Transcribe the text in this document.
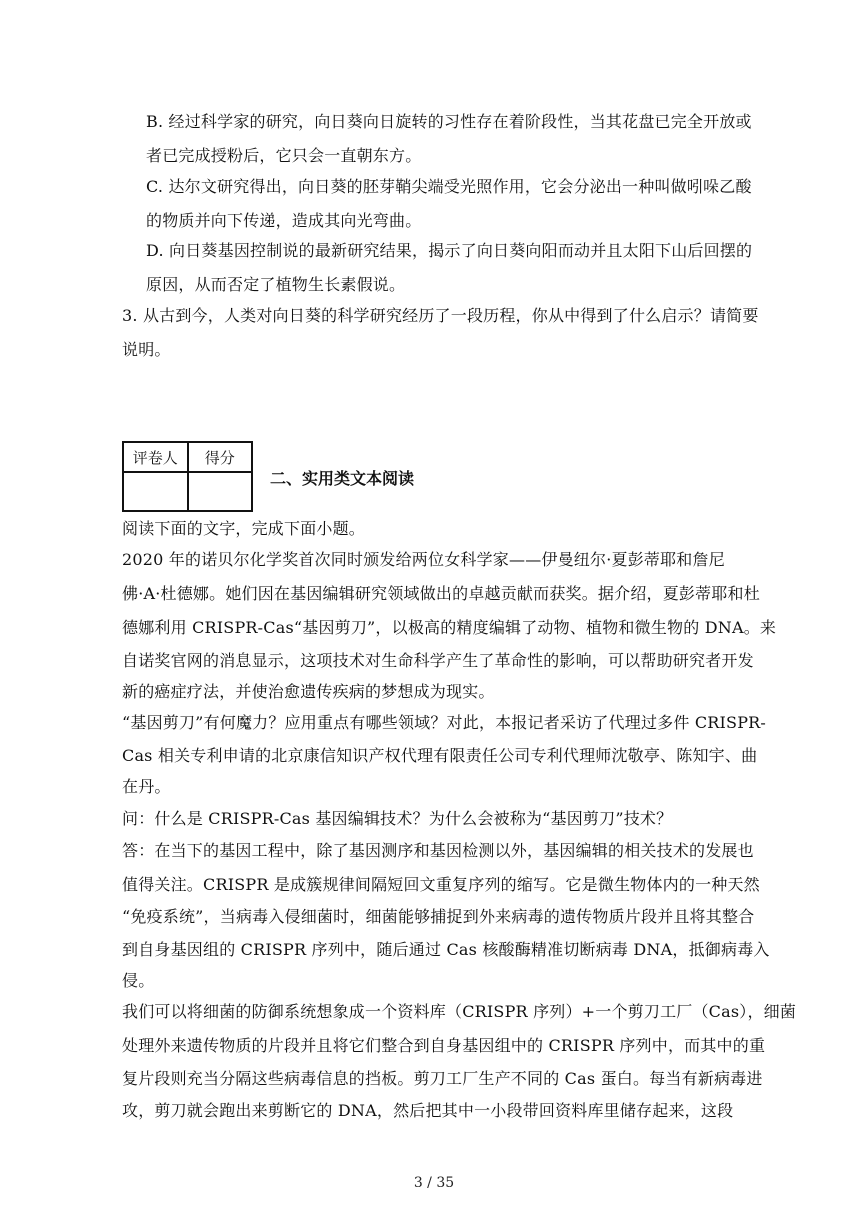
B. 经过科学家的研究，向日葵向日旋转的习性存在着阶段性，当其花盘已完全开放或
者已完成授粉后，它只会一直朝东方。
C. 达尔文研究得出，向日葵的胚芽鞘尖端受光照作用，它会分泌出一种叫做吲哚乙酸
的物质并向下传递，造成其向光弯曲。
D. 向日葵基因控制说的最新研究结果，揭示了向日葵向阳而动并且太阳下山后回摆的
原因，从而否定了植物生长素假说。
3. 从古到今，人类对向日葵的科学研究经历了一段历程，你从中得到了什么启示？请简要
说明。
评卷人	得分

二、实用类文本阅读
阅读下面的文字，完成下面小题。
2020 年的诺贝尔化学奖首次同时颁发给两位女科学家——伊曼纽尔·夏彭蒂耶和詹尼
佛·A·杜德娜。她们因在基因编辑研究领域做出的卓越贡献而获奖。据介绍，夏彭蒂耶和杜
德娜利用 CRISPR-Cas“基因剪刀”，以极高的精度编辑了动物、植物和微生物的 DNA。来
自诺奖官网的消息显示，这项技术对生命科学产生了革命性的影响，可以帮助研究者开发
新的癌症疗法，并使治愈遗传疾病的梦想成为现实。
“基因剪刀”有何魔力？应用重点有哪些领域？对此，本报记者采访了代理过多件 CRISPR-
Cas 相关专利申请的北京康信知识产权代理有限责任公司专利代理师沈敬亭、陈知宇、曲
在丹。
问：什么是 CRISPR-Cas 基因编辑技术？为什么会被称为“基因剪刀”技术？
答：在当下的基因工程中，除了基因测序和基因检测以外，基因编辑的相关技术的发展也
值得关注。CRISPR 是成簇规律间隔短回文重复序列的缩写。它是微生物体内的一种天然
“免疫系统”，当病毒入侵细菌时，细菌能够捕捉到外来病毒的遗传物质片段并且将其整合
到自身基因组的 CRISPR 序列中，随后通过 Cas 核酸酶精准切断病毒 DNA，抵御病毒入
侵。
我们可以将细菌的防御系统想象成一个资料库（CRISPR 序列）+一个剪刀工厂（Cas），细菌
处理外来遗传物质的片段并且将它们整合到自身基因组中的 CRISPR 序列中，而其中的重
复片段则充当分隔这些病毒信息的挡板。剪刀工厂生产不同的 Cas 蛋白。每当有新病毒进
攻，剪刀就会跑出来剪断它的 DNA，然后把其中一小段带回资料库里储存起来，这段
3 / 35
